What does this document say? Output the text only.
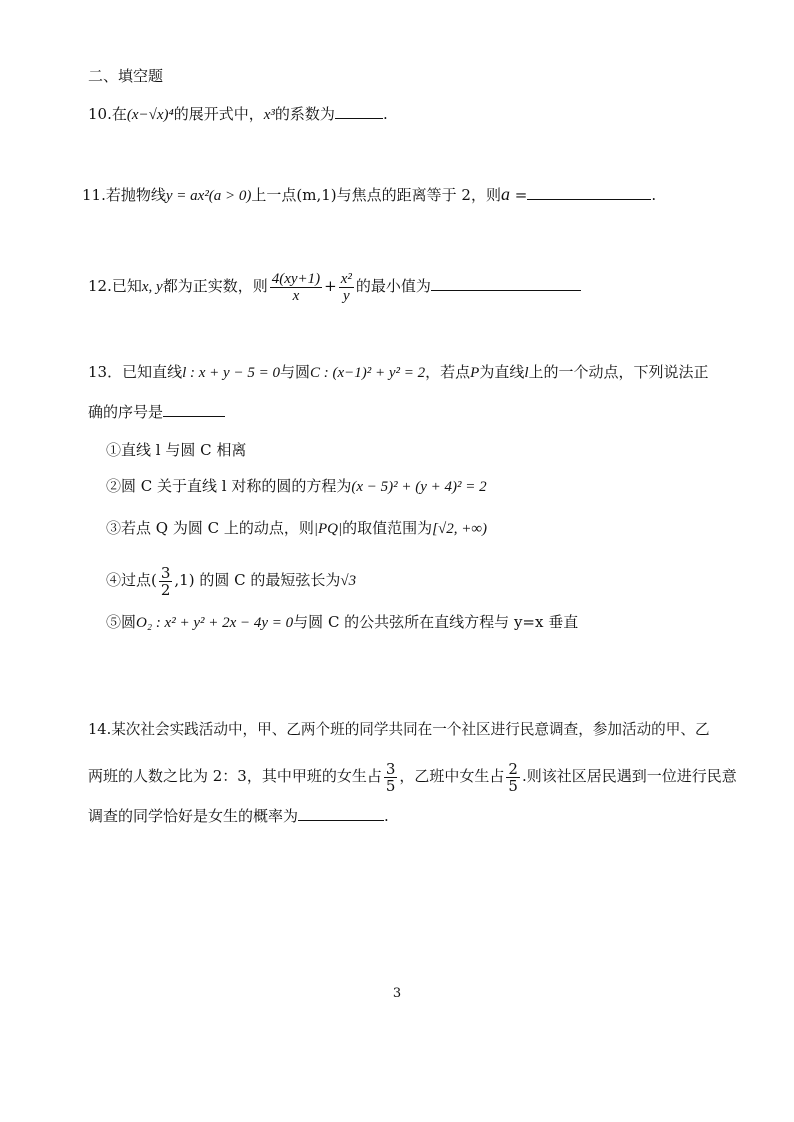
二、填空题
10.在(x−√x)⁴的展开式中，x³的系数为	.
11.若抛物线y = ax²(a > 0)上一点(m,1)与焦点的距离等于 2，则a =	.
12.已知x, y都为正实数，则 $\frac{4(xy+1)}{x} + \frac{\text{x²}}{y}$ 的最小值为
13．已知直线l : x + y − 5 = 0与圆C : (x−1)² + y² = 2，若点P为直线l上的一个动点，下列说法正
确的序号是
①直线 l 与圆 C 相离
②圆 C 关于直线 l 对称的圆的方程为(x − 5)² + (y + 4)² = 2
③若点 Q 为圆 C 上的动点，则|PQ|的取值范围为[√2, +∞)
④过点( $\frac{3}{2} ,1$) 的圆 C 的最短弦长为√3
⑤圆O₂ : x² + y² + 2x − 4y = 0与圆 C 的公共弦所在直线方程与 y=x 垂直
14.某次社会实践活动中，甲、乙两个班的同学共同在一个社区进行民意调查，参加活动的甲、乙
两班的人数之比为 2：3，其中甲班的女生占 $\frac{3}{5}$ ，乙班中女生占 $\frac{2}{5}$ .则该社区居民遇到一位进行民意
调查的同学恰好是女生的概率为	.
3
